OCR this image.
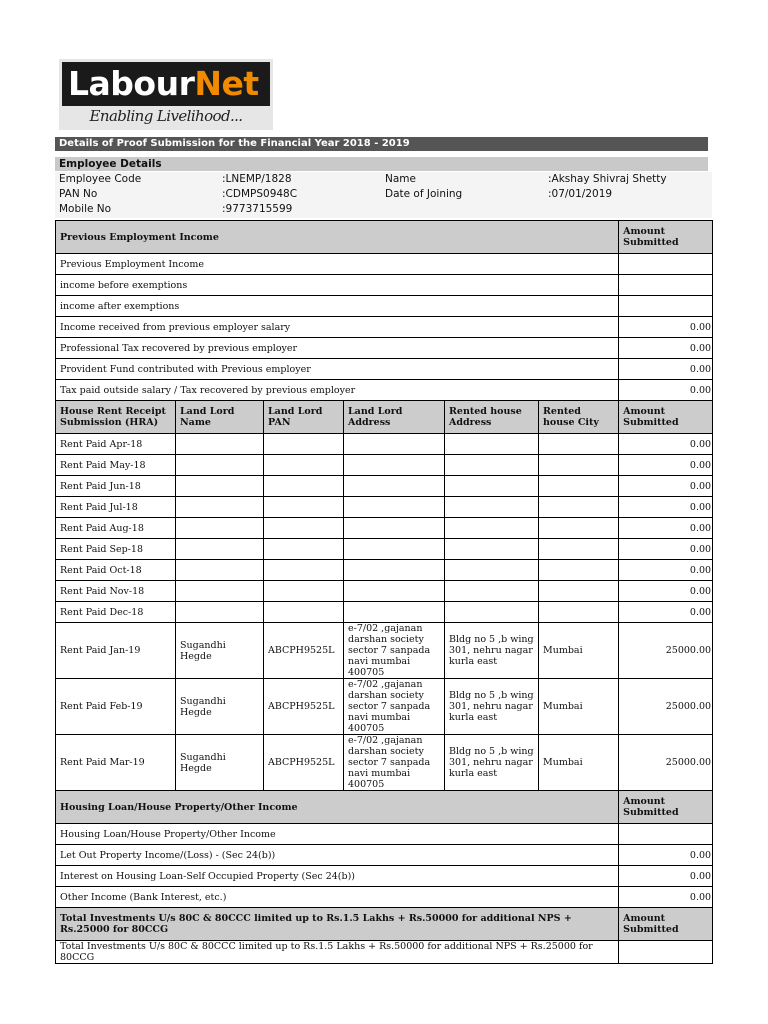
LabourNet
Enabling Livelihood...
Details of Proof Submission for the Financial Year 2018 - 2019
Employee Details
Employee Code	:LNEMP/1828	Name	:Akshay Shivraj Shetty
PAN No	:CDMPS0948C	Date of Joining	:07/01/2019
Mobile No	:9773715599
Previous Employment Income						Amount Submitted
Previous Employment Income						
income before exemptions						
income after exemptions						
Income received from previous employer salary						0.00
Professional Tax recovered by previous employer						0.00
Provident Fund contributed with Previous employer						0.00
Tax paid outside salary / Tax recovered by previous employer						0.00
House Rent Receipt Submission (HRA)	Land Lord Name	Land Lord PAN	Land Lord Address	Rented house Address	Rented house City	Amount Submitted
Rent Paid Apr-18						0.00
Rent Paid May-18						0.00
Rent Paid Jun-18						0.00
Rent Paid Jul-18						0.00
Rent Paid Aug-18						0.00
Rent Paid Sep-18						0.00
Rent Paid Oct-18						0.00
Rent Paid Nov-18						0.00
Rent Paid Dec-18						0.00
Rent Paid Jan-19	Sugandhi Hegde	ABCPH9525L	e-7/02 ,gajanan darshan society sector 7 sanpada navi mumbai 400705	Bldg no 5 ,b wing 301, nehru nagar kurla east	Mumbai	25000.00
Rent Paid Feb-19	Sugandhi Hegde	ABCPH9525L	e-7/02 ,gajanan darshan society sector 7 sanpada navi mumbai 400705	Bldg no 5 ,b wing 301, nehru nagar kurla east	Mumbai	25000.00
Rent Paid Mar-19	Sugandhi Hegde	ABCPH9525L	e-7/02 ,gajanan darshan society sector 7 sanpada navi mumbai 400705	Bldg no 5 ,b wing 301, nehru nagar kurla east	Mumbai	25000.00
Housing Loan/House Property/Other Income						Amount Submitted
Housing Loan/House Property/Other Income						
Let Out Property Income/(Loss) - (Sec 24(b))						0.00
Interest on Housing Loan-Self Occupied Property (Sec 24(b))						0.00
Other Income (Bank Interest, etc.)						0.00
Total Investments U/s 80C & 80CCC limited up to Rs.1.5 Lakhs + Rs.50000 for additional NPS + Rs.25000 for 80CCG						Amount Submitted
Total Investments U/s 80C & 80CCC limited up to Rs.1.5 Lakhs + Rs.50000 for additional NPS + Rs.25000 for 80CCG						
